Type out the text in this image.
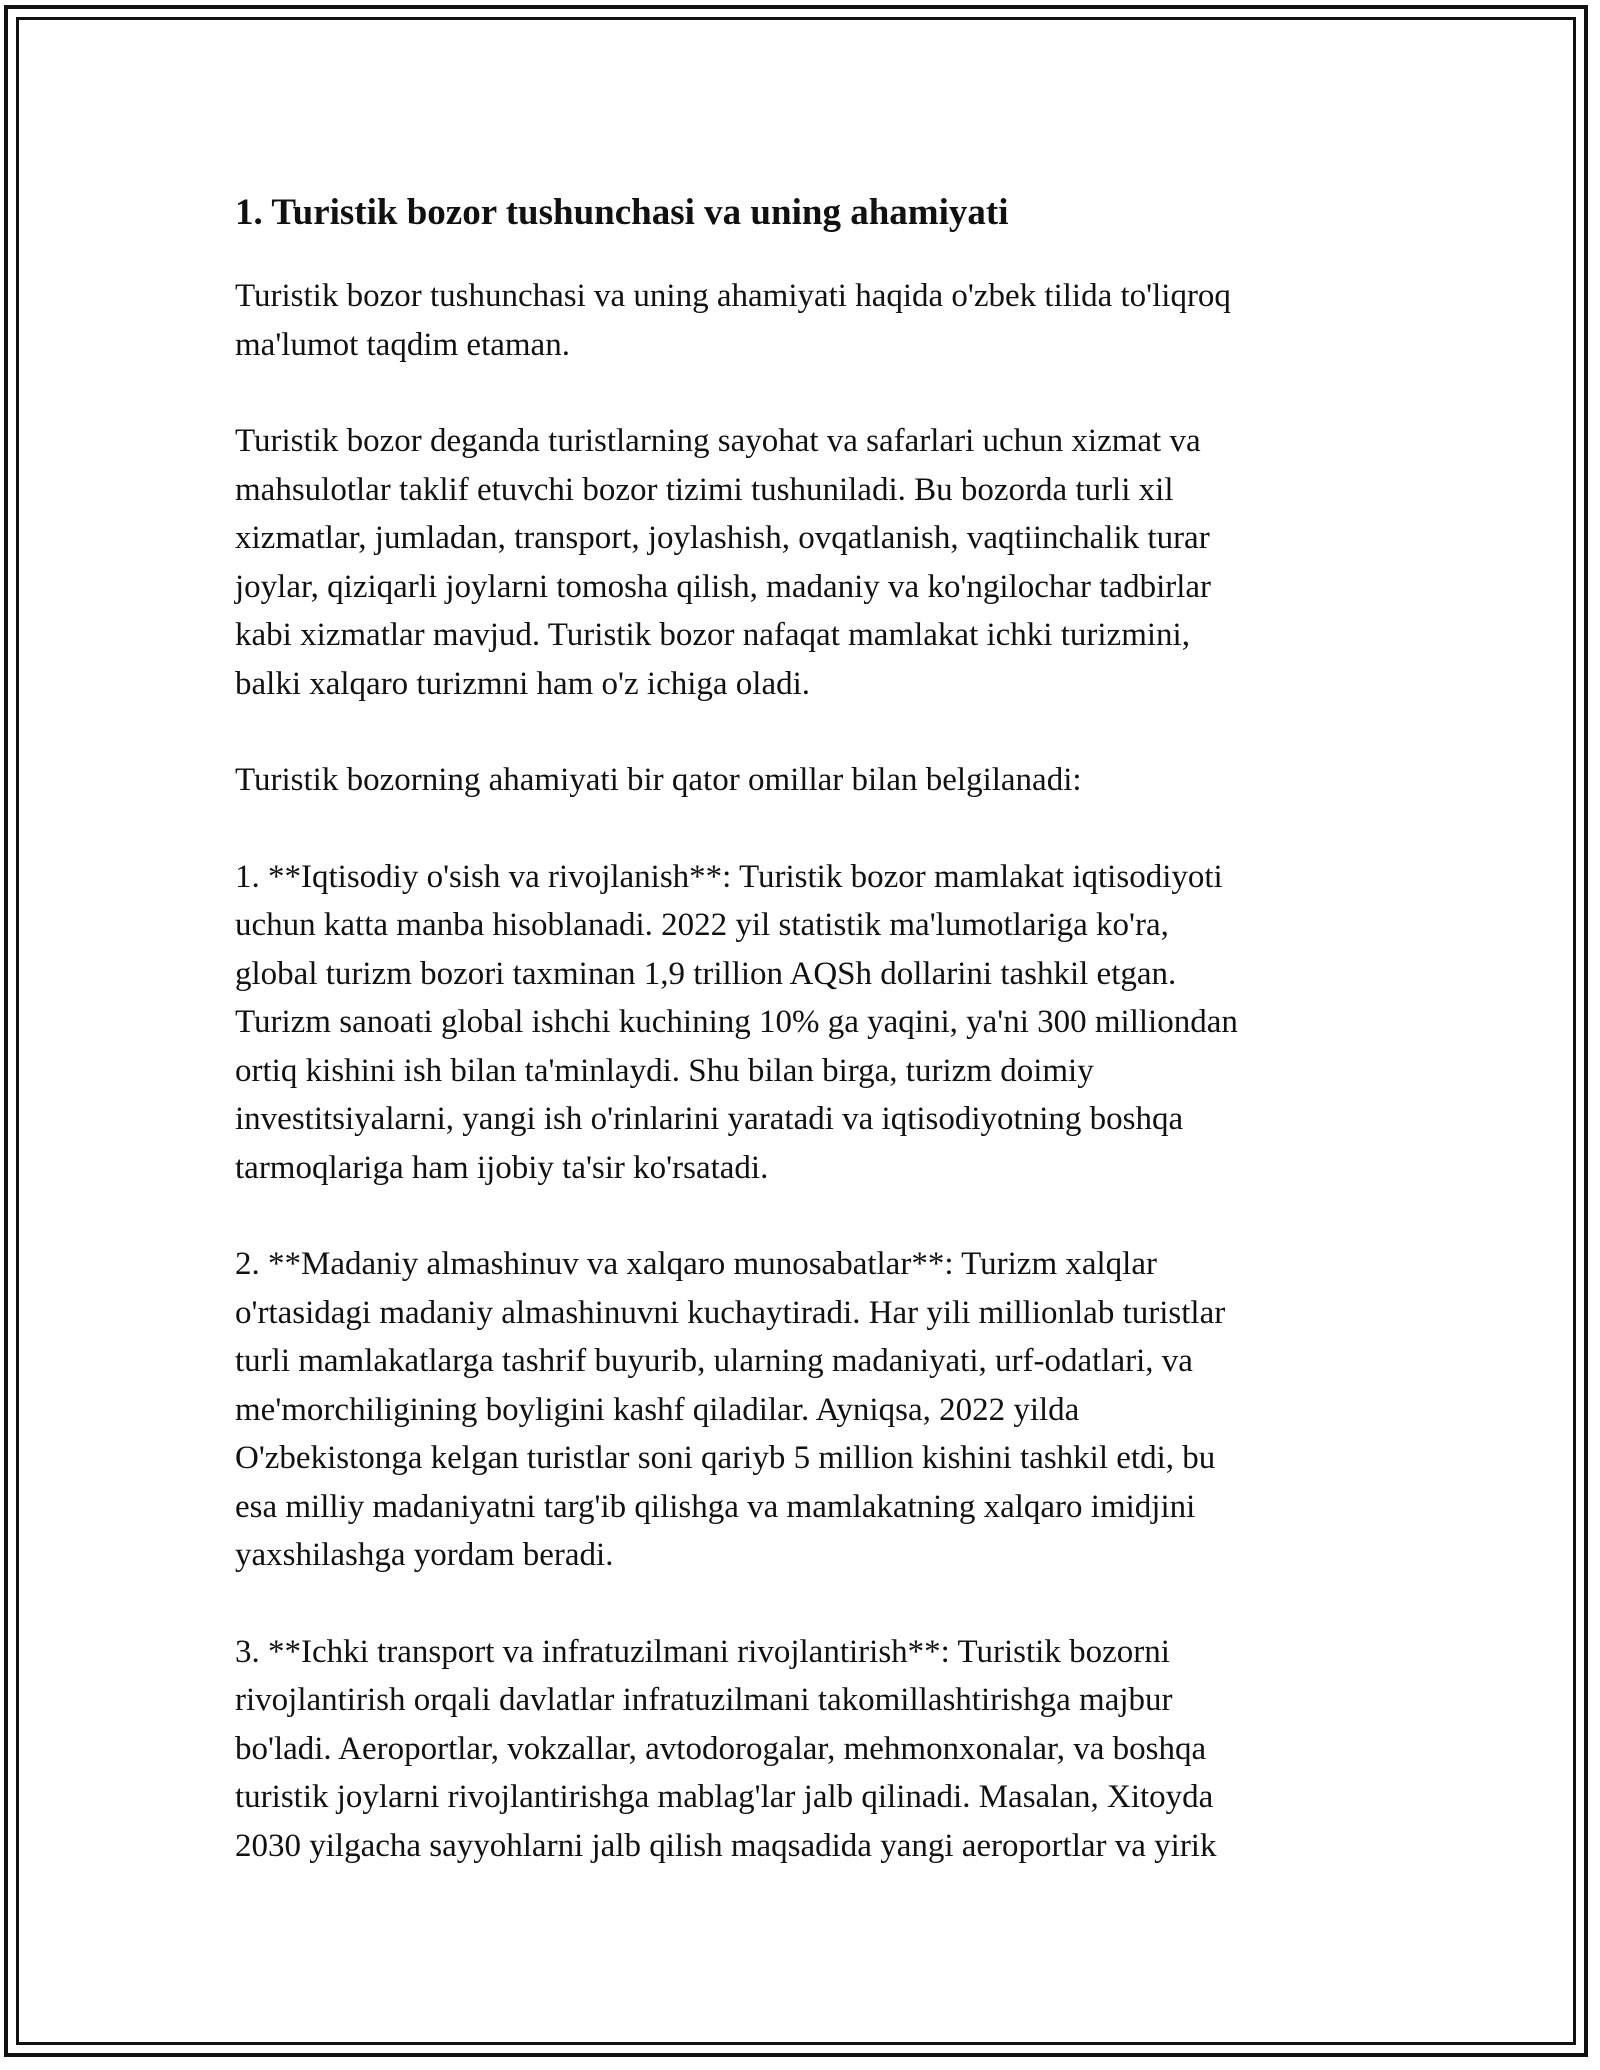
1. Turistik bozor tushunchasi va uning ahamiyati

Turistik bozor tushunchasi va uning ahamiyati haqida o'zbek tilida to'liqroq
ma'lumot taqdim etaman.

Turistik bozor deganda turistlarning sayohat va safarlari uchun xizmat va
mahsulotlar taklif etuvchi bozor tizimi tushuniladi. Bu bozorda turli xil
xizmatlar, jumladan, transport, joylashish, ovqatlanish, vaqtiinchalik turar
joylar, qiziqarli joylarni tomosha qilish, madaniy va ko'ngilochar tadbirlar
kabi xizmatlar mavjud. Turistik bozor nafaqat mamlakat ichki turizmini,
balki xalqaro turizmni ham o'z ichiga oladi.

Turistik bozorning ahamiyati bir qator omillar bilan belgilanadi:

1. **Iqtisodiy o'sish va rivojlanish**: Turistik bozor mamlakat iqtisodiyoti
uchun katta manba hisoblanadi. 2022 yil statistik ma'lumotlariga ko'ra,
global turizm bozori taxminan 1,9 trillion AQSh dollarini tashkil etgan.
Turizm sanoati global ishchi kuchining 10% ga yaqini, ya'ni 300 milliondan
ortiq kishini ish bilan ta'minlaydi. Shu bilan birga, turizm doimiy
investitsiyalarni, yangi ish o'rinlarini yaratadi va iqtisodiyotning boshqa
tarmoqlariga ham ijobiy ta'sir ko'rsatadi.

2. **Madaniy almashinuv va xalqaro munosabatlar**: Turizm xalqlar
o'rtasidagi madaniy almashinuvni kuchaytiradi. Har yili millionlab turistlar
turli mamlakatlarga tashrif buyurib, ularning madaniyati, urf-odatlari, va
me'morchiligining boyligini kashf qiladilar. Ayniqsa, 2022 yilda
O'zbekistonga kelgan turistlar soni qariyb 5 million kishini tashkil etdi, bu
esa milliy madaniyatni targ'ib qilishga va mamlakatning xalqaro imidjini
yaxshilashga yordam beradi.

3. **Ichki transport va infratuzilmani rivojlantirish**: Turistik bozorni
rivojlantirish orqali davlatlar infratuzilmani takomillashtirishga majbur
bo'ladi. Aeroportlar, vokzallar, avtodorogalar, mehmonxonalar, va boshqa
turistik joylarni rivojlantirishga mablag'lar jalb qilinadi. Masalan, Xitoyda
2030 yilgacha sayyohlarni jalb qilish maqsadida yangi aeroportlar va yirik
